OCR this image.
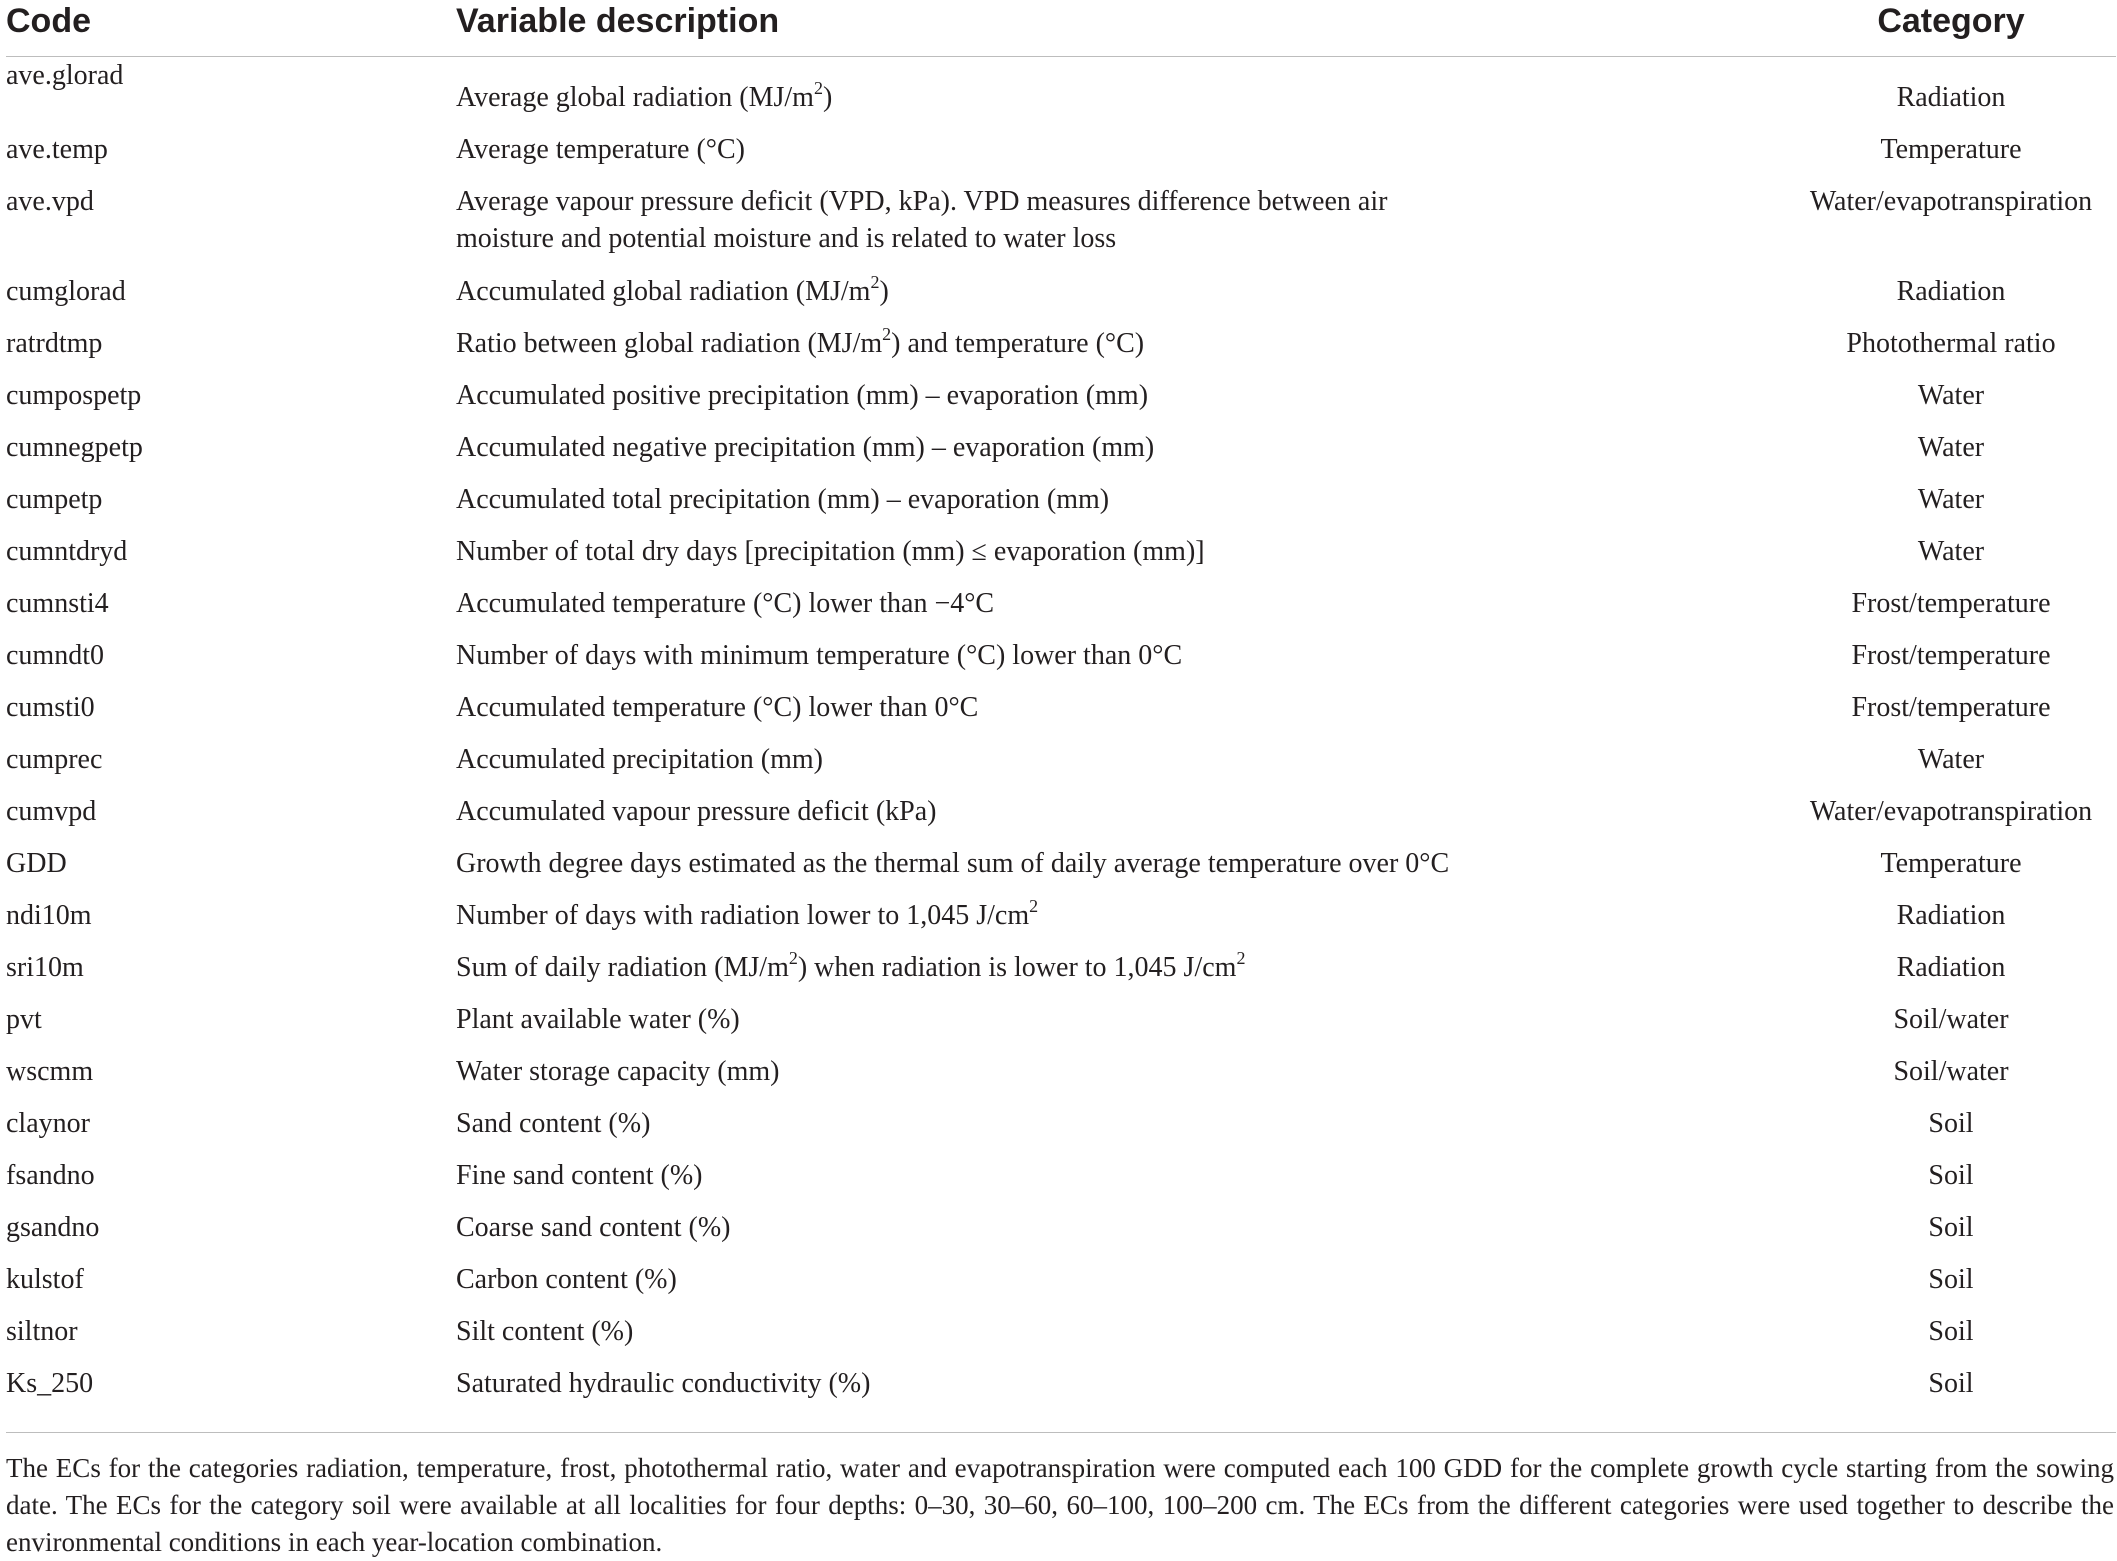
Code	Variable description	Category
ave.glorad	Average global radiation $(MJ/m^2)$	Radiation
ave.temp	Average temperature (°C)	Temperature
ave.vpd	Average vapour pressure deficit (VPD, kPa). VPD measures difference between air
moisture and potential moisture and is related to water loss	Water/evapotranspiration
cumglorad	Accumulated global radiation $(MJ/m^2)$	Radiation
ratrdtmp	Ratio between global radiation $(MJ/m^2)$ and temperature (°C)	Photothermal ratio
cumpospetp	Accumulated positive precipitation (mm) – evaporation (mm)	Water
cumnegpetp	Accumulated negative precipitation (mm) – evaporation (mm)	Water
cumpetp	Accumulated total precipitation (mm) – evaporation (mm)	Water
cumntdryd	Number of total dry days [precipitation (mm) ≤ evaporation (mm)]	Water
cumnsti4	Accumulated temperature (°C) lower than −4°C	Frost/temperature
cumndt0	Number of days with minimum temperature (°C) lower than 0°C	Frost/temperature
cumsti0	Accumulated temperature (°C) lower than 0°C	Frost/temperature
cumprec	Accumulated precipitation (mm)	Water
cumvpd	Accumulated vapour pressure deficit (kPa)	Water/evapotranspiration
GDD	Growth degree days estimated as the thermal sum of daily average temperature over 0°C	Temperature
ndi10m	Number of days with radiation lower to 1,045 $J/cm^2$	Radiation
sri10m	Sum of daily radiation $(MJ/m^2)$ when radiation is lower to 1,045 $J/cm^2$	Radiation
pvt	Plant available water (%)	Soil/water
wscmm	Water storage capacity (mm)	Soil/water
claynor	Sand content (%)	Soil
fsandno	Fine sand content (%)	Soil
gsandno	Coarse sand content (%)	Soil
kulstof	Carbon content (%)	Soil
siltnor	Silt content (%)	Soil
Ks_250	Saturated hydraulic conductivity (%)	Soil
The ECs for the categories radiation, temperature, frost, photothermal ratio, water and evapotranspiration were computed each 100 GDD for the complete growth cycle starting from the sowing date. The ECs for the category soil were available at all localities for four depths: 0–30, 30–60, 60–100, 100–200 cm. The ECs from the different categories were used together to describe the environmental conditions in each year-location combination.
